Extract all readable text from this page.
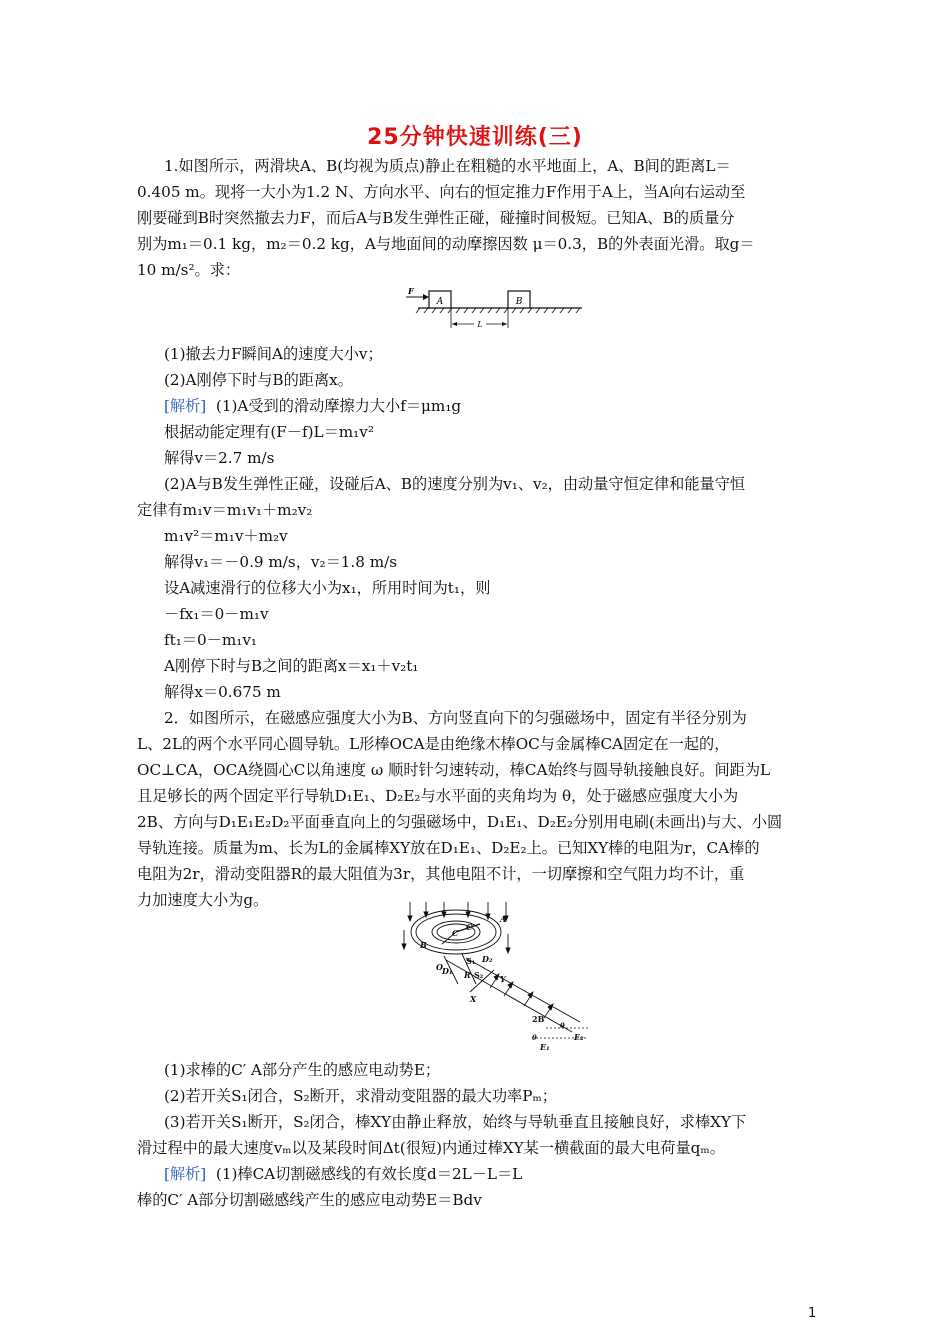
25分钟快速训练(三)
1.如图所示，两滑块A、B(均视为质点)静止在粗糙的水平地面上，A、B间的距离L＝
0.405 m。现将一大小为1.2 N、方向水平、向右的恒定推力F作用于A上，当A向右运动至
刚要碰到B时突然撤去力F，而后A与B发生弹性正碰，碰撞时间极短。已知A、B的质量分
别为m₁＝0.1 kg，m₂＝0.2 kg，A与地面间的动摩擦因数 μ＝0.3，B的外表面光滑。取g＝
10 m/s²。求：
A	B
F
L
(1)撤去力F瞬间A的速度大小v；
(2)A刚停下时与B的距离x。
[解析] (1)A受到的滑动摩擦力大小f＝μm₁g
根据动能定理有(F－f)L＝m₁v²
解得v＝2.7 m/s
(2)A与B发生弹性正碰，设碰后A、B的速度分别为v₁、v₂，由动量守恒定律和能量守恒
定律有m₁v＝m₁v₁＋m₂v₂
m₁v²＝m₁v＋m₂v
解得v₁＝－0.9 m/s，v₂＝1.8 m/s
设A减速滑行的位移大小为x₁，所用时间为t₁，则
－fx₁＝0－m₁v
ft₁＝0－m₁v₁
A刚停下时与B之间的距离x＝x₁＋v₂t₁
解得x＝0.675 m
2．如图所示，在磁感应强度大小为B、方向竖直向下的匀强磁场中，固定有半径分别为
L、2L的两个水平同心圆导轨。L形棒OCA是由绝缘木棒OC与金属棒CA固定在一起的，
OC⊥CA，OCA绕圆心C以角速度 ω 顺时针匀速转动，棒CA始终与圆导轨接触良好。间距为L
且足够长的两个固定平行导轨D₁E₁、D₂E₂与水平面的夹角均为 θ，处于磁感应强度大小为
2B、方向与D₁E₁E₂D₂平面垂直向上的匀强磁场中，D₁E₁、D₂E₂分别用电刷(未画出)与大、小圆
导轨连接。质量为m、长为L的金属棒XY放在D₁E₁、D₂E₂上。已知XY棒的电阻为r，CA棒的
电阻为2r，滑动变阻器R的最大阻值为3r，其他电阻不计，一切摩擦和空气阻力均不计，重
力加速度大小为g。
A
B
C
C′
O D₁
D₂
S₁
S₂
R
X
Y
2B
θ
θ
E₁
E₂
(1)求棒的C′ A部分产生的感应电动势E；
(2)若开关S₁闭合，S₂断开，求滑动变阻器的最大功率Pₘ；
(3)若开关S₁断开，S₂闭合，棒XY由静止释放，始终与导轨垂直且接触良好，求棒XY下
滑过程中的最大速度vₘ以及某段时间Δt(很短)内通过棒XY某一横截面的最大电荷量qₘ。
[解析] (1)棒CA切割磁感线的有效长度d＝2L－L＝L
棒的C′ A部分切割磁感线产生的感应电动势E＝Bdv
1
